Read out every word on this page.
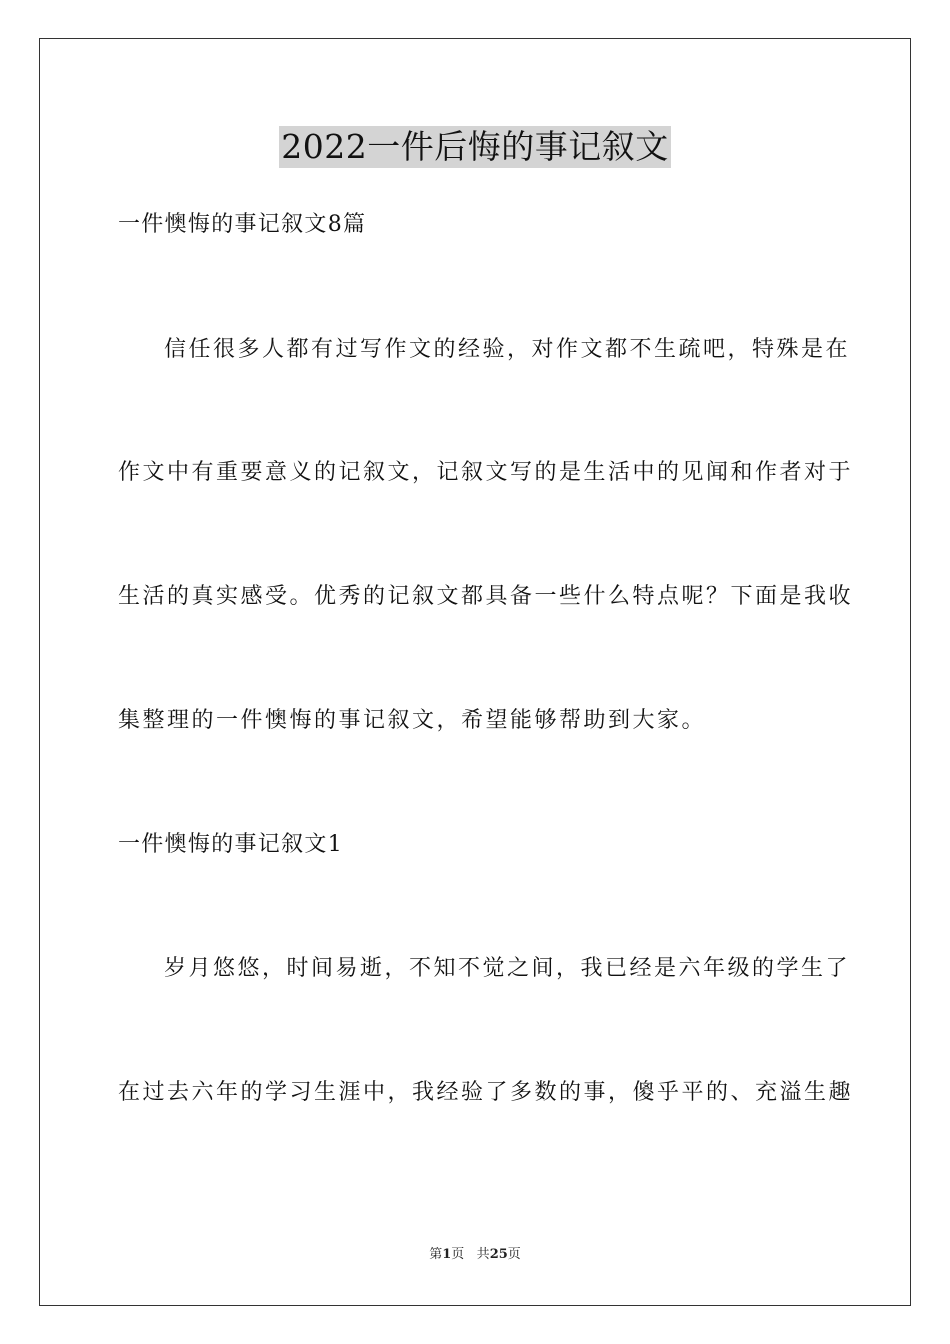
2022一件后悔的事记叙文
一件懊悔的事记叙文8篇
信任很多人都有过写作文的经验，对作文都不生疏吧，特殊是在
作文中有重要意义的记叙文，记叙文写的是生活中的见闻和作者对于
生活的真实感受。优秀的记叙文都具备一些什么特点呢？下面是我收
集整理的一件懊悔的事记叙文，希望能够帮助到大家。
一件懊悔的事记叙文1
岁月悠悠，时间易逝，不知不觉之间，我已经是六年级的学生了
在过去六年的学习生涯中，我经验了多数的事，傻乎平的、充溢生趣
第1页 共25页
